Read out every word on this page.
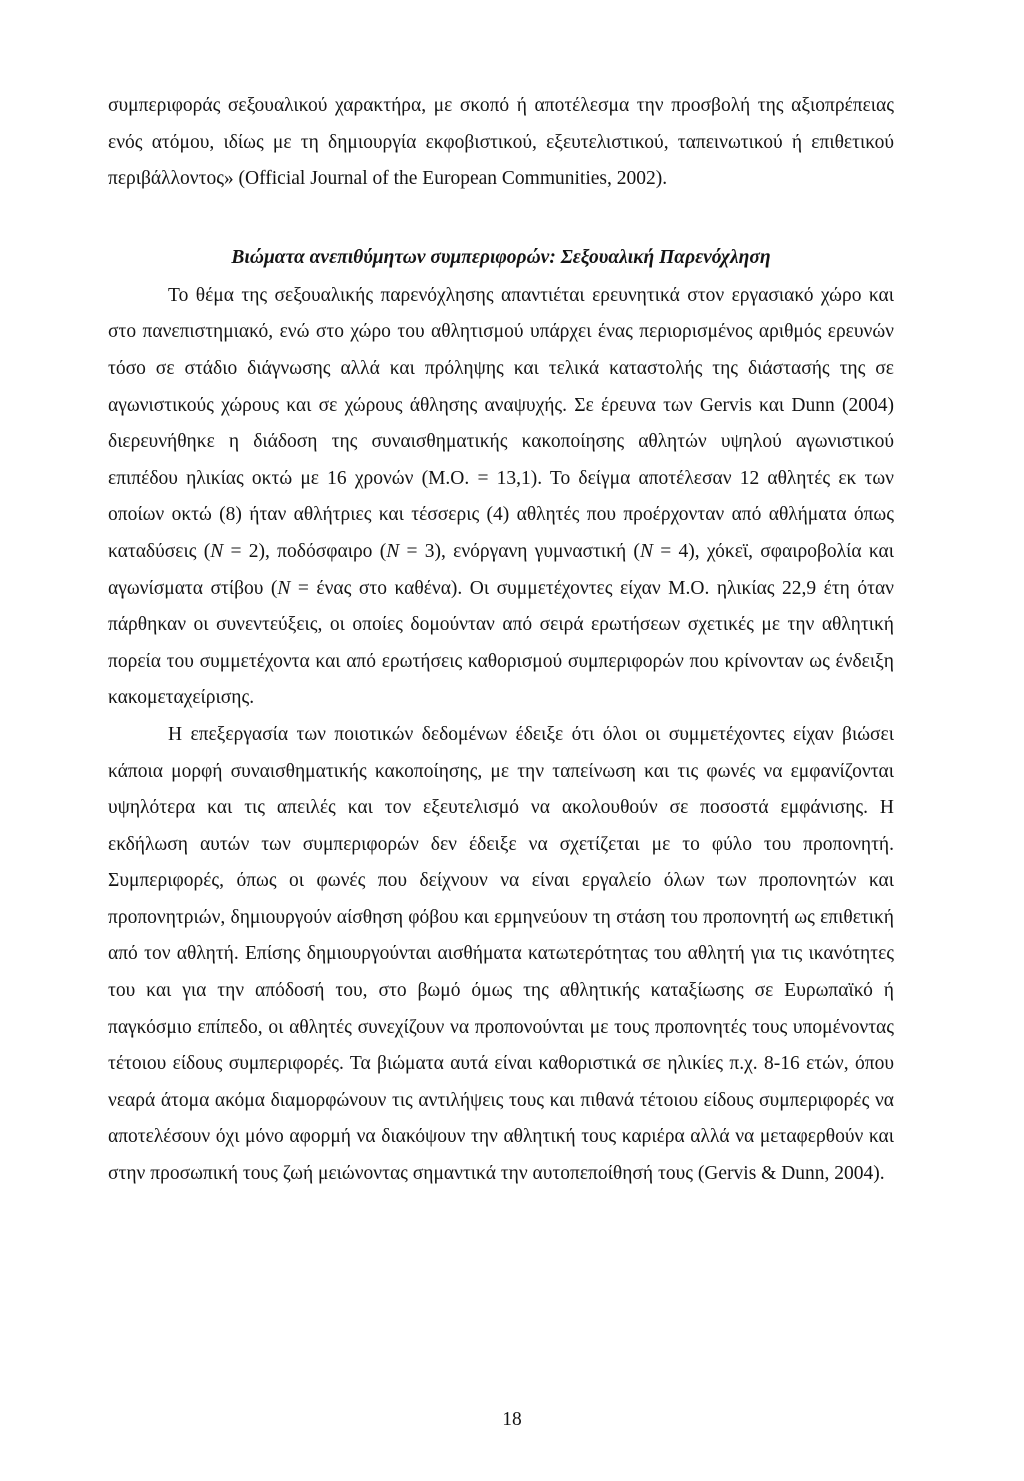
συμπεριφοράς σεξουαλικού χαρακτήρα, με σκοπό ή αποτέλεσμα την προσβολή της αξιοπρέπειας ενός ατόμου, ιδίως με τη δημιουργία εκφοβιστικού, εξευτελιστικού, ταπεινωτικού ή επιθετικού περιβάλλοντος» (Official Journal of the European Communities, 2002).

Βιώματα ανεπιθύμητων συμπεριφορών: Σεξουαλική Παρενόχληση

Το θέμα της σεξουαλικής παρενόχλησης απαντιέται ερευνητικά στον εργασιακό χώρο και στο πανεπιστημιακό, ενώ στο χώρο του αθλητισμού υπάρχει ένας περιορισμένος αριθμός ερευνών τόσο σε στάδιο διάγνωσης αλλά και πρόληψης και τελικά καταστολής της διάστασής της σε αγωνιστικούς χώρους και σε χώρους άθλησης αναψυχής. Σε έρευνα των Gervis και Dunn (2004) διερευνήθηκε η διάδοση της συναισθηματικής κακοποίησης αθλητών υψηλού αγωνιστικού επιπέδου ηλικίας οκτώ με 16 χρονών (Μ.Ο. = 13,1). Το δείγμα αποτέλεσαν 12 αθλητές εκ των οποίων οκτώ (8) ήταν αθλήτριες και τέσσερις (4) αθλητές που προέρχονταν από αθλήματα όπως καταδύσεις (N = 2), ποδόσφαιρο (N = 3), ενόργανη γυμναστική (N = 4), χόκεϊ, σφαιροβολία και αγωνίσματα στίβου (N = ένας στο καθένα). Οι συμμετέχοντες είχαν Μ.Ο. ηλικίας 22,9 έτη όταν πάρθηκαν οι συνεντεύξεις, οι οποίες δομούνταν από σειρά ερωτήσεων σχετικές με την αθλητική πορεία του συμμετέχοντα και από ερωτήσεις καθορισμού συμπεριφορών που κρίνονταν ως ένδειξη κακομεταχείρισης.

Η επεξεργασία των ποιοτικών δεδομένων έδειξε ότι όλοι οι συμμετέχοντες είχαν βιώσει κάποια μορφή συναισθηματικής κακοποίησης, με την ταπείνωση και τις φωνές να εμφανίζονται υψηλότερα και τις απειλές και τον εξευτελισμό να ακολουθούν σε ποσοστά εμφάνισης. Η εκδήλωση αυτών των συμπεριφορών δεν έδειξε να σχετίζεται με το φύλο του προπονητή. Συμπεριφορές, όπως οι φωνές που δείχνουν να είναι εργαλείο όλων των προπονητών και προπονητριών, δημιουργούν αίσθηση φόβου και ερμηνεύουν τη στάση του προπονητή ως επιθετική από τον αθλητή. Επίσης δημιουργούνται αισθήματα κατωτερότητας του αθλητή για τις ικανότητες του και για την απόδοσή του, στο βωμό όμως της αθλητικής καταξίωσης σε Ευρωπαϊκό ή παγκόσμιο επίπεδο, οι αθλητές συνεχίζουν να προπονούνται με τους προπονητές τους υπομένοντας τέτοιου είδους συμπεριφορές. Τα βιώματα αυτά είναι καθοριστικά σε ηλικίες π.χ. 8-16 ετών, όπου νεαρά άτομα ακόμα διαμορφώνουν τις αντιλήψεις τους και πιθανά τέτοιου είδους συμπεριφορές να αποτελέσουν όχι μόνο αφορμή να διακόψουν την αθλητική τους καριέρα αλλά να μεταφερθούν και στην προσωπική τους ζωή μειώνοντας σημαντικά την αυτοπεποίθησή τους (Gervis & Dunn, 2004).

18
